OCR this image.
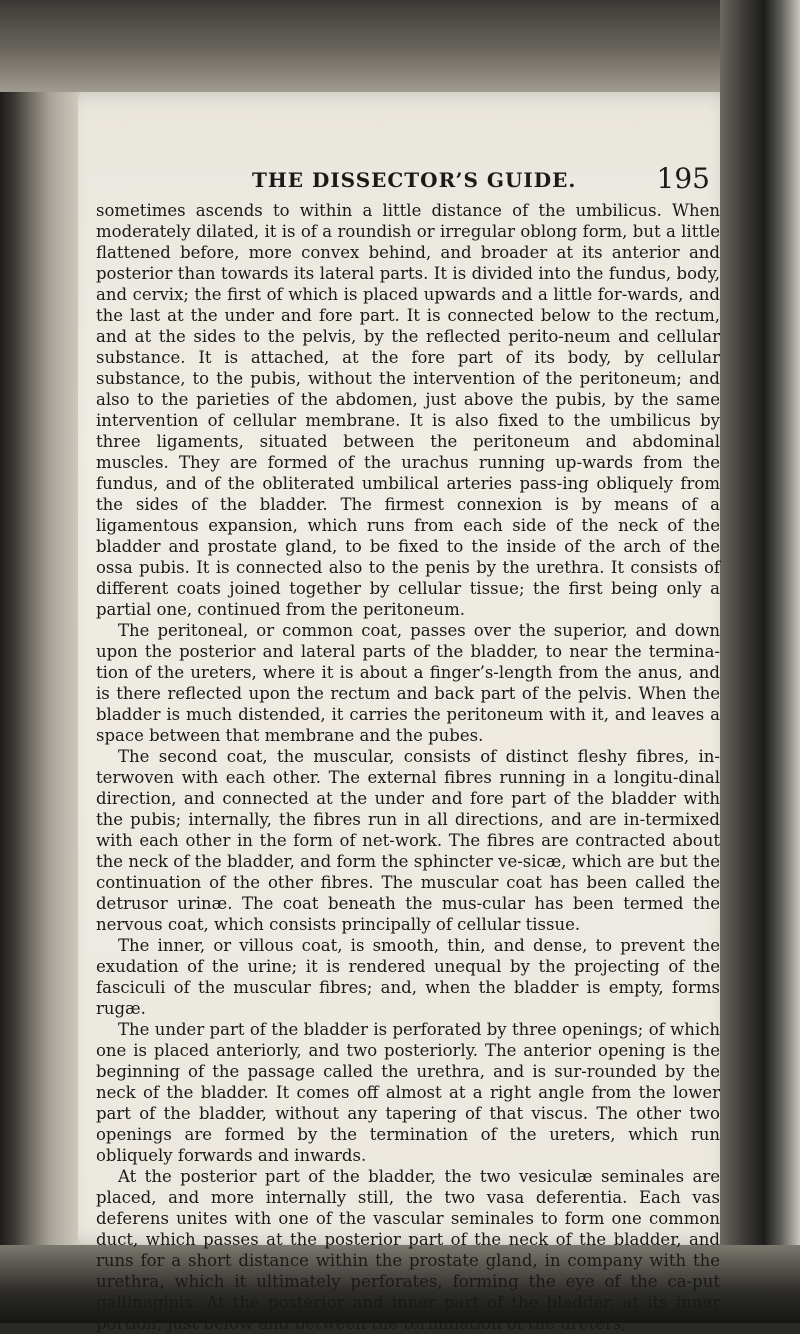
THE DISSECTOR’S GUIDE.	195

sometimes ascends to within a little distance of the umbilicus. When moderately dilated, it is of a roundish or irregular oblong form, but a little flattened before, more convex behind, and broader at its anterior and posterior than towards its lateral parts. It is divided into the fundus, body, and cervix; the first of which is placed upwards and a little for-wards, and the last at the under and fore part. It is connected below to the rectum, and at the sides to the pelvis, by the reflected perito-neum and cellular substance. It is attached, at the fore part of its body, by cellular substance, to the pubis, without the intervention of the peritoneum; and also to the parieties of the abdomen, just above the pubis, by the same intervention of cellular membrane. It is also fixed to the umbilicus by three ligaments, situated between the peritoneum and abdominal muscles. They are formed of the urachus running up-wards from the fundus, and of the obliterated umbilical arteries pass-ing obliquely from the sides of the bladder. The firmest connexion is by means of a ligamentous expansion, which runs from each side of the neck of the bladder and prostate gland, to be fixed to the inside of the arch of the ossa pubis. It is connected also to the penis by the urethra. It consists of different coats joined together by cellular tissue; the first being only a partial one, continued from the peritoneum.

The peritoneal, or common coat, passes over the superior, and down upon the posterior and lateral parts of the bladder, to near the termina-tion of the ureters, where it is about a finger’s-length from the anus, and is there reflected upon the rectum and back part of the pelvis. When the bladder is much distended, it carries the peritoneum with it, and leaves a space between that membrane and the pubes.

The second coat, the muscular, consists of distinct fleshy fibres, in-terwoven with each other. The external fibres running in a longitu-dinal direction, and connected at the under and fore part of the bladder with the pubis; internally, the fibres run in all directions, and are in-termixed with each other in the form of net-work. The fibres are contracted about the neck of the bladder, and form the sphincter ve-sicæ, which are but the continuation of the other fibres. The muscular coat has been called the detrusor urinæ. The coat beneath the mus-cular has been termed the nervous coat, which consists principally of cellular tissue.

The inner, or villous coat, is smooth, thin, and dense, to prevent the exudation of the urine; it is rendered unequal by the projecting of the fasciculi of the muscular fibres; and, when the bladder is empty, forms rugæ.

The under part of the bladder is perforated by three openings; of which one is placed anteriorly, and two posteriorly. The anterior opening is the beginning of the passage called the urethra, and is sur-rounded by the neck of the bladder. It comes off almost at a right angle from the lower part of the bladder, without any tapering of that viscus. The other two openings are formed by the termination of the ureters, which run obliquely forwards and inwards.

At the posterior part of the bladder, the two vesiculæ seminales are placed, and more internally still, the two vasa deferentia. Each vas deferens unites with one of the vascular seminales to form one common duct, which passes at the posterior part of the neck of the bladder, and runs for a short distance within the prostate gland, in company with the urethra, which it ultimately perforates, forming the eye of the ca-put gallinaginis. At the posterior and inner part of the bladder, at its inner portion, just below and between the termination of the ureters,
